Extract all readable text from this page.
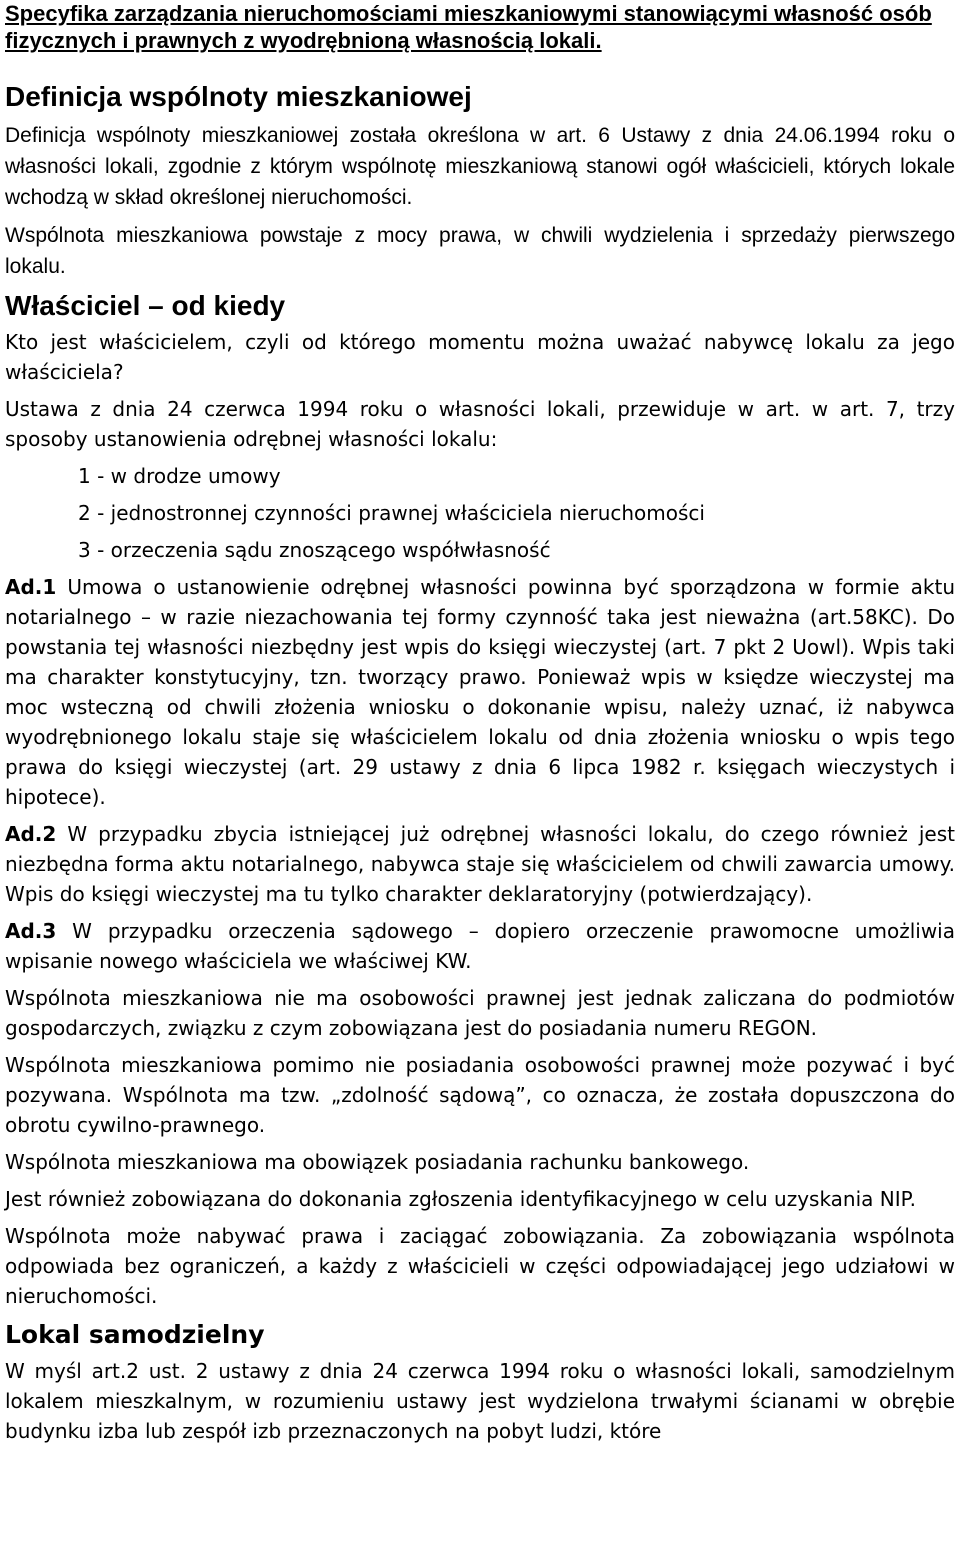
Specyfika zarządzania nieruchomościami mieszkaniowymi stanowiącymi własność osób fizycznych i prawnych z wyodrębnioną własnością lokali.
Definicja wspólnoty mieszkaniowej

Definicja wspólnoty mieszkaniowej została określona w art. 6 Ustawy z dnia 24.06.1994 roku o własności lokali, zgodnie z którym wspólnotę mieszkaniową stanowi ogół właścicieli, których lokale wchodzą w skład określonej nieruchomości.

Wspólnota mieszkaniowa powstaje z mocy prawa, w chwili wydzielenia i sprzedaży pierwszego lokalu.

Właściciel – od kiedy

Kto jest właścicielem, czyli od którego momentu można uważać nabywcę lokalu za jego właściciela?

Ustawa z dnia 24 czerwca 1994 roku o własności lokali, przewiduje w art. w art. 7, trzy sposoby ustanowienia odrębnej własności lokalu:

1 - w drodze umowy
2 - jednostronnej czynności prawnej właściciela nieruchomości
3 - orzeczenia sądu znoszącego współwłasność

Ad.1 Umowa o ustanowienie odrębnej własności powinna być sporządzona w formie aktu notarialnego – w razie niezachowania tej formy czynność taka jest nieważna (art.58KC). Do powstania tej własności niezbędny jest wpis do księgi wieczystej (art. 7 pkt 2 Uowl). Wpis taki ma charakter konstytucyjny, tzn. tworzący prawo. Ponieważ wpis w księdze wieczystej ma moc wsteczną od chwili złożenia wniosku o dokonanie wpisu, należy uznać, iż nabywca wyodrębnionego lokalu staje się właścicielem lokalu od dnia złożenia wniosku o wpis tego prawa do księgi wieczystej (art. 29 ustawy z dnia 6 lipca 1982 r. księgach wieczystych i hipotece).

Ad.2 W przypadku zbycia istniejącej już odrębnej własności lokalu, do czego również jest niezbędna forma aktu notarialnego, nabywca staje się właścicielem od chwili zawarcia umowy. Wpis do księgi wieczystej ma tu tylko charakter deklaratoryjny (potwierdzający).

Ad.3 W przypadku orzeczenia sądowego – dopiero orzeczenie prawomocne umożliwia wpisanie nowego właściciela we właściwej KW.

Wspólnota mieszkaniowa nie ma osobowości prawnej jest jednak zaliczana do podmiotów gospodarczych, związku z czym zobowiązana jest do posiadania numeru REGON.

Wspólnota mieszkaniowa pomimo nie posiadania osobowości prawnej może pozywać i być pozywana. Wspólnota ma tzw. „zdolność sądową”, co oznacza, że została dopuszczona do obrotu cywilno-prawnego.

Wspólnota mieszkaniowa ma obowiązek posiadania rachunku bankowego.

Jest również zobowiązana do dokonania zgłoszenia identyfikacyjnego w celu uzyskania NIP.

Wspólnota może nabywać prawa i zaciągać zobowiązania. Za zobowiązania wspólnota odpowiada bez ograniczeń, a każdy z właścicieli w części odpowiadającej jego udziałowi w nieruchomości.

Lokal samodzielny

W myśl art.2 ust. 2 ustawy z dnia 24 czerwca 1994 roku o własności lokali, samodzielnym lokalem mieszkalnym, w rozumieniu ustawy jest wydzielona trwałymi ścianami w obrębie budynku izba lub zespół izb przeznaczonych na pobyt ludzi, które
